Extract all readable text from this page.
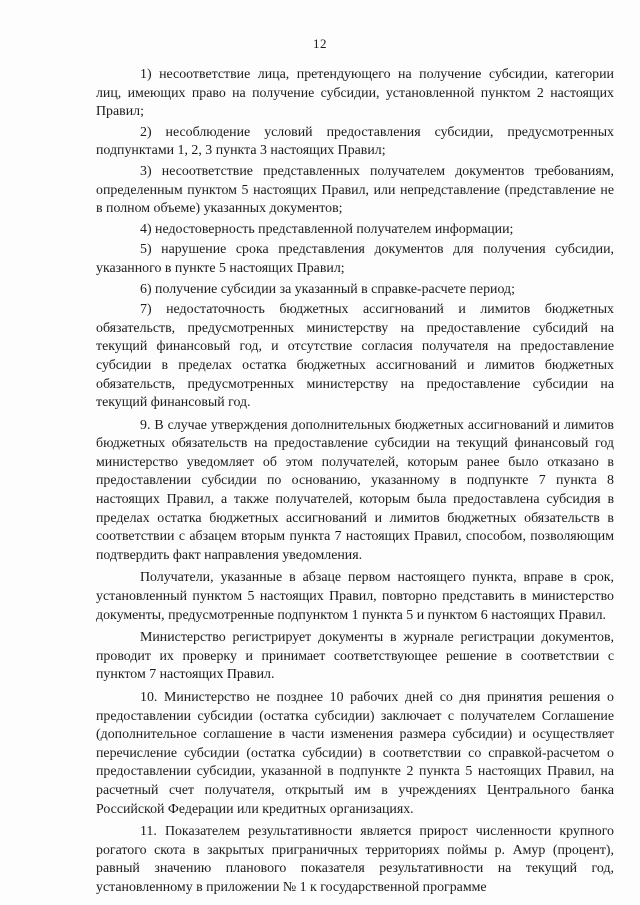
12

1) несоответствие лица, претендующего на получение субсидии, категории лиц, имеющих право на получение субсидии, установленной пунктом 2 настоящих Правил;

2) несоблюдение условий предоставления субсидии, предусмотренных подпунктами 1, 2, 3 пункта 3 настоящих Правил;

3) несоответствие представленных получателем документов требованиям, определенным пунктом 5 настоящих Правил, или непредставление (представление не в полном объеме) указанных документов;

4) недостоверность представленной получателем информации;

5) нарушение срока представления документов для получения субсидии, указанного в пункте 5 настоящих Правил;

6) получение субсидии за указанный в справке-расчете период;

7) недостаточность бюджетных ассигнований и лимитов бюджетных обязательств, предусмотренных министерству на предоставление субсидий на текущий финансовый год, и отсутствие согласия получателя на предоставление субсидии в пределах остатка бюджетных ассигнований и лимитов бюджетных обязательств, предусмотренных министерству на предоставление субсидии на текущий финансовый год.

9. В случае утверждения дополнительных бюджетных ассигнований и лимитов бюджетных обязательств на предоставление субсидии на текущий финансовый год министерство уведомляет об этом получателей, которым ранее было отказано в предоставлении субсидии по основанию, указанному в подпункте 7 пункта 8 настоящих Правил, а также получателей, которым была предоставлена субсидия в пределах остатка бюджетных ассигнований и лимитов бюджетных обязательств в соответствии с абзацем вторым пункта 7 настоящих Правил, способом, позволяющим подтвердить факт направления уведомления.

Получатели, указанные в абзаце первом настоящего пункта, вправе в срок, установленный пунктом 5 настоящих Правил, повторно представить в министерство документы, предусмотренные подпунктом 1 пункта 5 и пунктом 6 настоящих Правил.

Министерство регистрирует документы в журнале регистрации документов, проводит их проверку и принимает соответствующее решение в соответствии с пунктом 7 настоящих Правил.

10. Министерство не позднее 10 рабочих дней со дня принятия решения о предоставлении субсидии (остатка субсидии) заключает с получателем Соглашение (дополнительное соглашение в части изменения размера субсидии) и осуществляет перечисление субсидии (остатка субсидии) в соответствии со справкой-расчетом о предоставлении субсидии, указанной в подпункте 2 пункта 5 настоящих Правил, на расчетный счет получателя, открытый им в учреждениях Центрального банка Российской Федерации или кредитных организациях.

11. Показателем результативности является прирост численности крупного рогатого скота в закрытых приграничных территориях поймы р. Амур (процент), равный значению планового показателя результативности на текущий год, установленному в приложении № 1 к государственной программе
